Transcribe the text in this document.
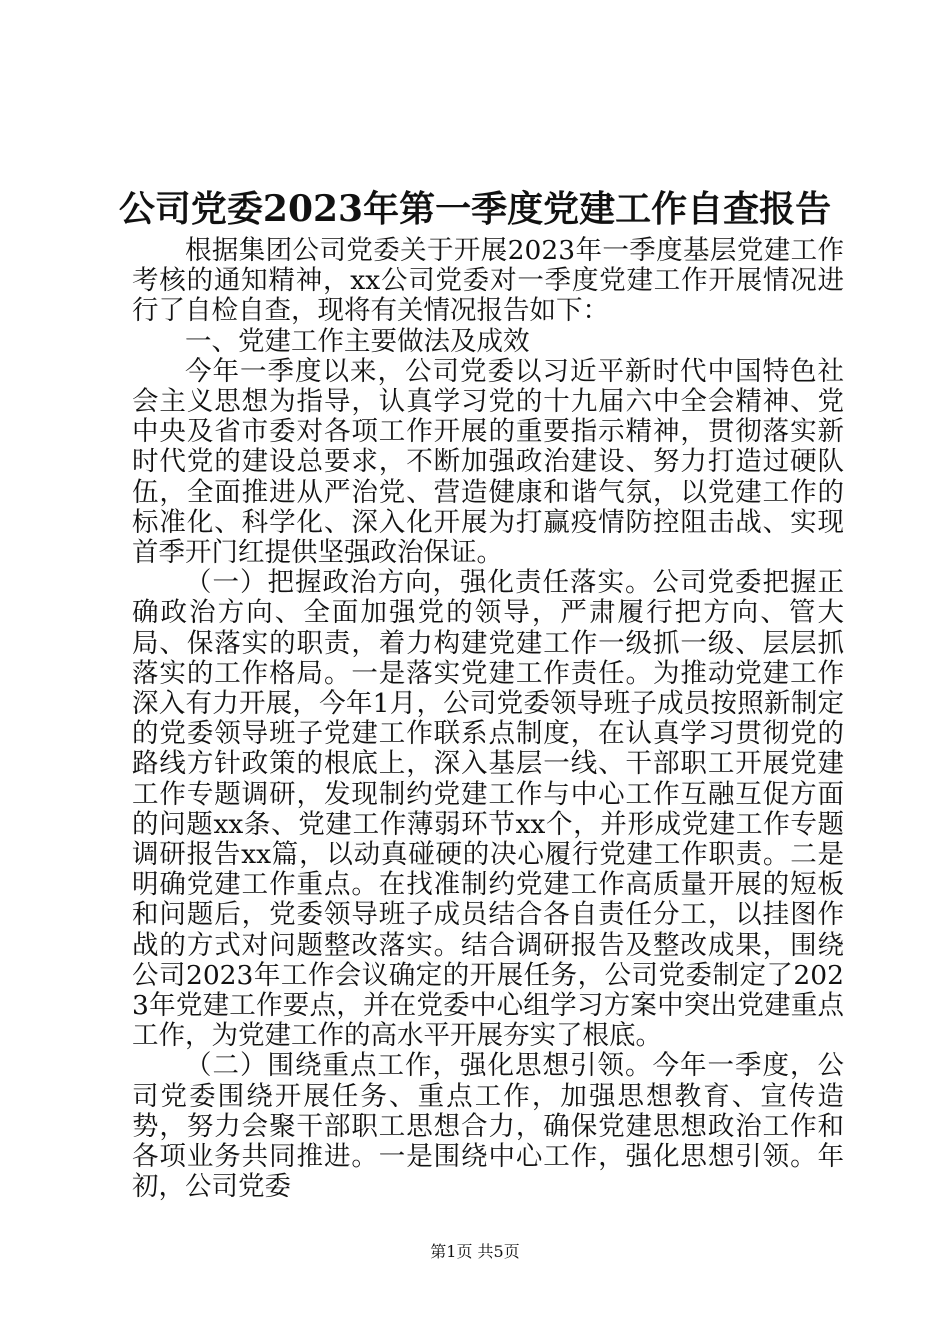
公司党委2023年第一季度党建工作自查报告

根据集团公司党委关于开展2023年一季度基层党建工作考核的通知精神，xx公司党委对一季度党建工作开展情况进行了自检自查，现将有关情况报告如下：

一、党建工作主要做法及成效

今年一季度以来，公司党委以习近平新时代中国特色社会主义思想为指导，认真学习党的十九届六中全会精神、党中央及省市委对各项工作开展的重要指示精神，贯彻落实新时代党的建设总要求，不断加强政治建设、努力打造过硬队伍，全面推进从严治党、营造健康和谐气氛，以党建工作的标准化、科学化、深入化开展为打赢疫情防控阻击战、实现首季开门红提供坚强政治保证。

（一）把握政治方向，强化责任落实。公司党委把握正确政治方向、全面加强党的领导，严肃履行把方向、管大局、保落实的职责，着力构建党建工作一级抓一级、层层抓落实的工作格局。一是落实党建工作责任。为推动党建工作深入有力开展，今年1月，公司党委领导班子成员按照新制定的党委领导班子党建工作联系点制度，在认真学习贯彻党的路线方针政策的根底上，深入基层一线、干部职工开展党建工作专题调研，发现制约党建工作与中心工作互融互促方面的问题xx条、党建工作薄弱环节xx个，并形成党建工作专题调研报告xx篇，以动真碰硬的决心履行党建工作职责。二是明确党建工作重点。在找准制约党建工作高质量开展的短板和问题后，党委领导班子成员结合各自责任分工，以挂图作战的方式对问题整改落实。结合调研报告及整改成果，围绕公司2023年工作会议确定的开展任务，公司党委制定了2023年党建工作要点，并在党委中心组学习方案中突出党建重点工作，为党建工作的高水平开展夯实了根底。

（二）围绕重点工作，强化思想引领。今年一季度，公司党委围绕开展任务、重点工作，加强思想教育、宣传造势，努力会聚干部职工思想合力，确保党建思想政治工作和各项业务共同推进。一是围绕中心工作，强化思想引领。年初，公司党委

第1页 共5页
